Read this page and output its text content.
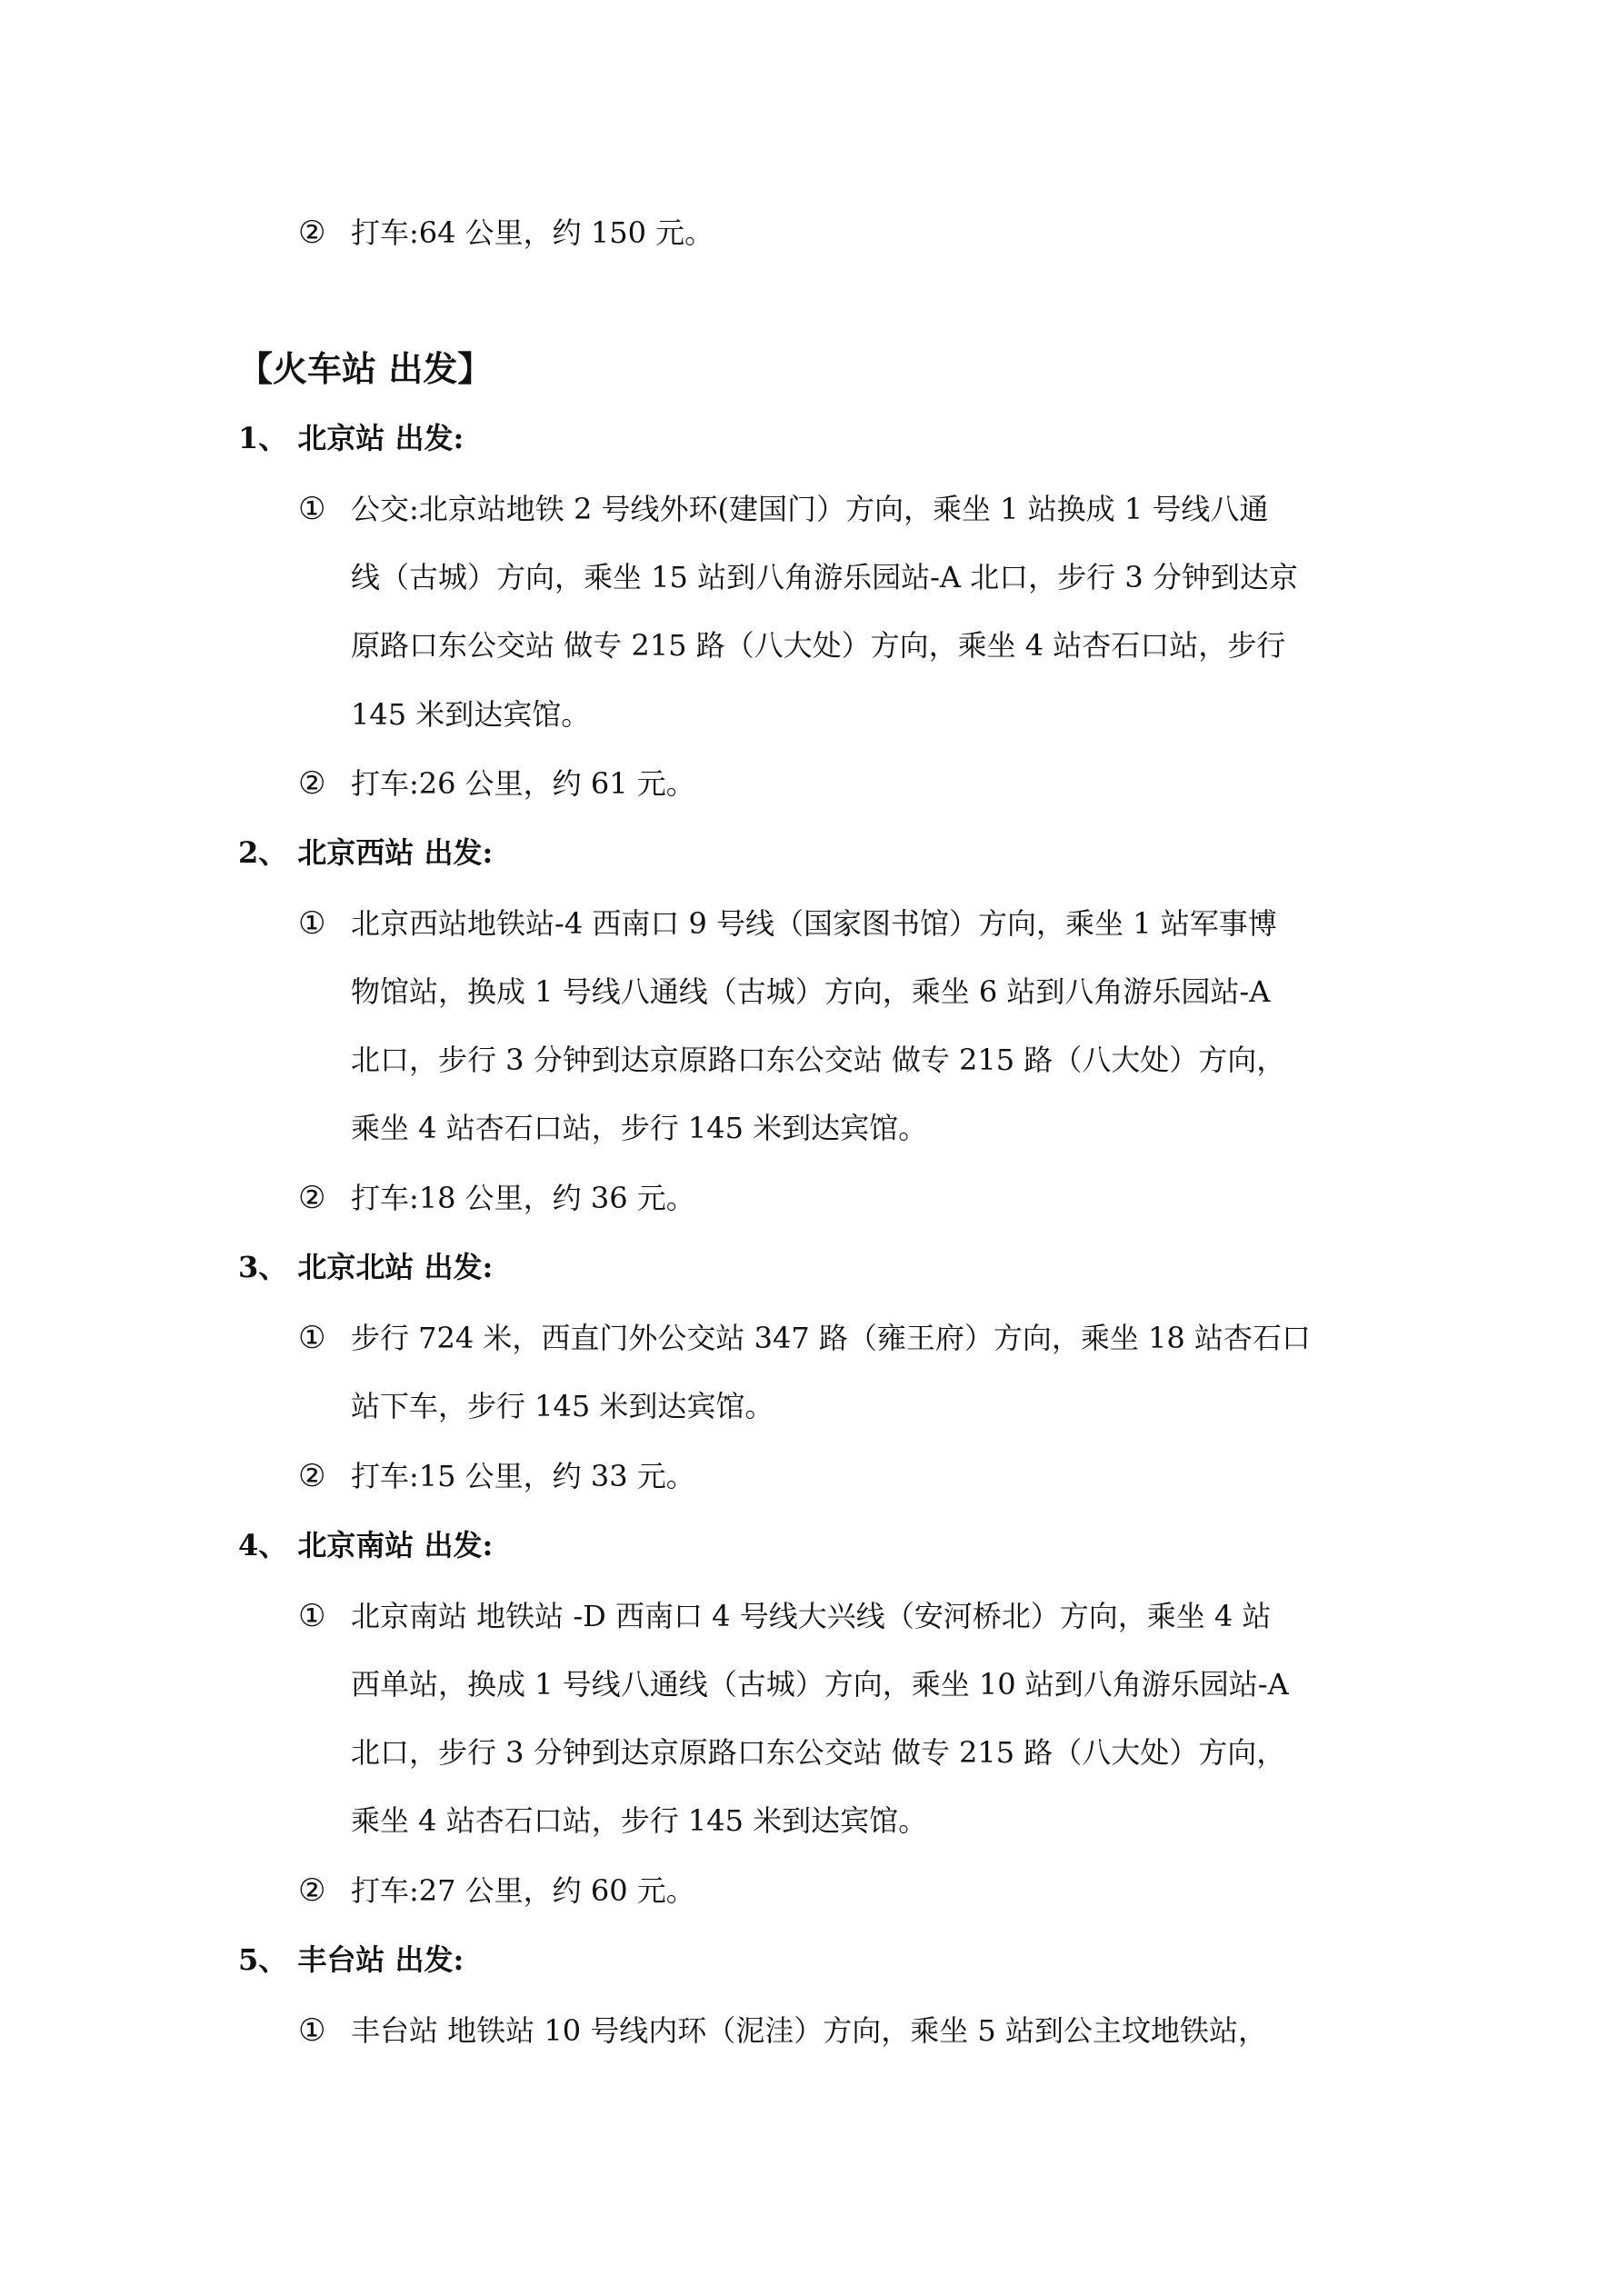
② 打车:64 公里，约 150 元。
【火车站 出发】
1、 北京站 出发:
① 公交:北京站地铁 2 号线外环(建国门）方向，乘坐 1 站换成 1 号线八通
线（古城）方向，乘坐 15 站到八角游乐园站-A 北口，步行 3 分钟到达京
原路口东公交站 做专 215 路（八大处）方向，乘坐 4 站杏石口站，步行
145 米到达宾馆。
② 打车:26 公里，约 61 元。
2、 北京西站 出发:
① 北京西站地铁站-4 西南口 9 号线（国家图书馆）方向，乘坐 1 站军事博
物馆站，换成 1 号线八通线（古城）方向，乘坐 6 站到八角游乐园站-A
北口，步行 3 分钟到达京原路口东公交站 做专 215 路（八大处）方向，
乘坐 4 站杏石口站，步行 145 米到达宾馆。
② 打车:18 公里，约 36 元。
3、 北京北站 出发:
① 步行 724 米，西直门外公交站 347 路（雍王府）方向，乘坐 18 站杏石口
站下车，步行 145 米到达宾馆。
② 打车:15 公里，约 33 元。
4、 北京南站 出发:
① 北京南站 地铁站 -D 西南口 4 号线大兴线（安河桥北）方向，乘坐 4 站
西单站，换成 1 号线八通线（古城）方向，乘坐 10 站到八角游乐园站-A
北口，步行 3 分钟到达京原路口东公交站 做专 215 路（八大处）方向，
乘坐 4 站杏石口站，步行 145 米到达宾馆。
② 打车:27 公里，约 60 元。
5、 丰台站 出发:
① 丰台站 地铁站 10 号线内环（泥洼）方向，乘坐 5 站到公主坟地铁站，
